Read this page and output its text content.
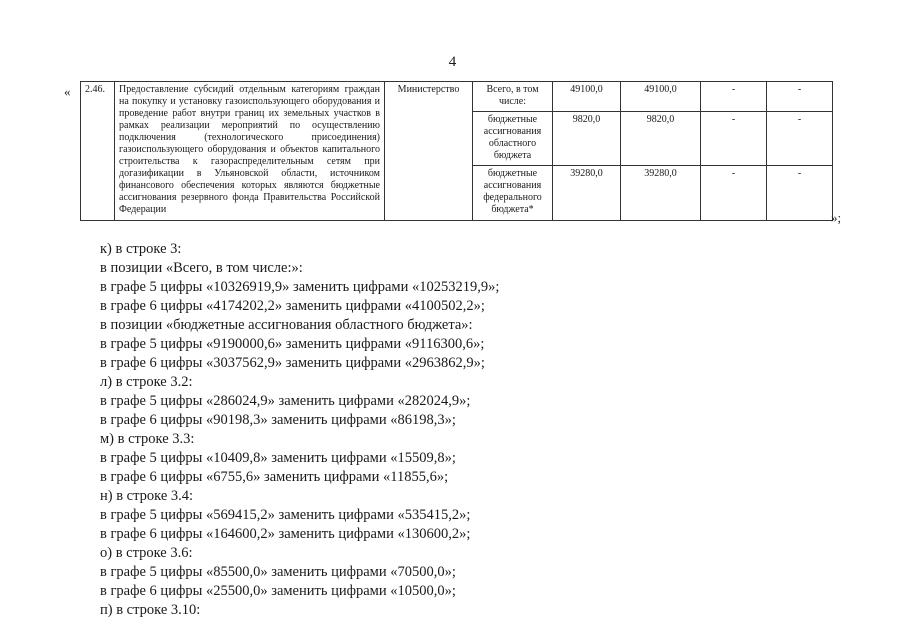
4
« 2.46.	Предоставление субсидий отдельным категориям граждан на покупку и установку газоиспользующего оборудования и проведение работ внутри границ их земельных участков в рамках реализации мероприятий по осуществлению подключения (технологического присоединения) газоиспользующего оборудования и объектов капитального строительства к газораспределительным сетям при догазификации в Ульяновской области, источником финансового обеспечения которых являются бюджетные ассигнования резервного фонда Правительства Российской Федерации	Министерство	Всего, в том числе:	49100,0	49100,0	-	-
			бюджетные ассигнования областного бюджета	9820,0	9820,0	-	-
			бюджетные ассигнования федерального бюджета*	39280,0	39280,0	-	-
»;
к) в строке 3:
в позиции «Всего, в том числе:»:
в графе 5 цифры «10326919,9» заменить цифрами «10253219,9»;
в графе 6 цифры «4174202,2» заменить цифрами «4100502,2»;
в позиции «бюджетные ассигнования областного бюджета»:
в графе 5 цифры «9190000,6» заменить цифрами «9116300,6»;
в графе 6 цифры «3037562,9» заменить цифрами «2963862,9»;
л) в строке 3.2:
в графе 5 цифры «286024,9» заменить цифрами «282024,9»;
в графе 6 цифры «90198,3» заменить цифрами «86198,3»;
м) в строке 3.3:
в графе 5 цифры «10409,8» заменить цифрами «15509,8»;
в графе 6 цифры «6755,6» заменить цифрами «11855,6»;
н) в строке 3.4:
в графе 5 цифры «569415,2» заменить цифрами «535415,2»;
в графе 6 цифры «164600,2» заменить цифрами «130600,2»;
о) в строке 3.6:
в графе 5 цифры «85500,0» заменить цифрами «70500,0»;
в графе 6 цифры «25500,0» заменить цифрами «10500,0»;
п) в строке 3.10:
